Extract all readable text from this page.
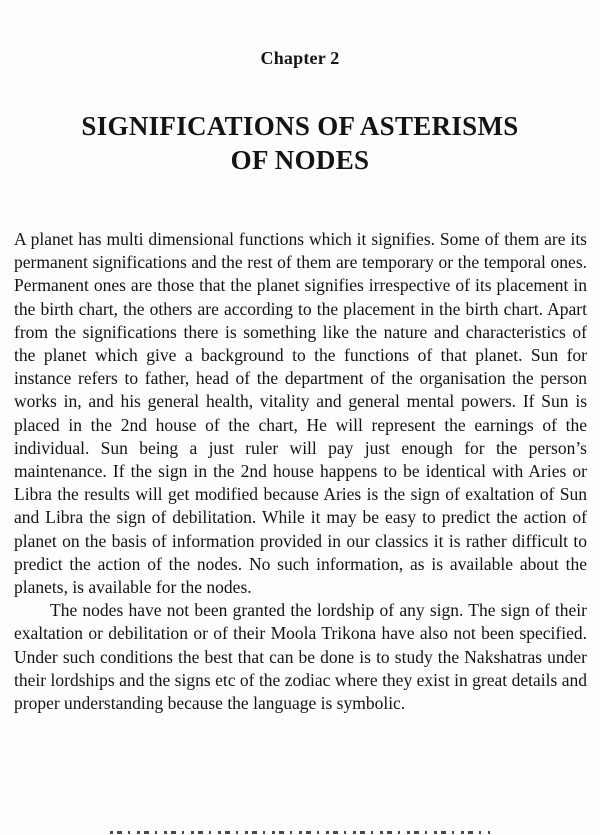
Chapter 2
SIGNIFICATIONS OF ASTERISMS
OF NODES

A planet has multi dimensional functions which it signifies. Some of them are its permanent significations and the rest of them are temporary or the temporal ones. Permanent ones are those that the planet signifies irrespective of its placement in the birth chart, the others are according to the placement in the birth chart. Apart from the significations there is something like the nature and characteristics of the planet which give a background to the functions of that planet. Sun for instance refers to father, head of the department of the organisation the person works in, and his general health, vitality and general mental powers. If Sun is placed in the 2nd house of the chart, He will represent the earnings of the individual. Sun being a just ruler will pay just enough for the person’s maintenance. If the sign in the 2nd house happens to be identical with Aries or Libra the results will get modified because Aries is the sign of exaltation of Sun and Libra the sign of debilitation. While it may be easy to predict the action of planet on the basis of information provided in our classics it is rather difficult to predict the action of the nodes. No such information, as is available about the planets, is available for the nodes.

The nodes have not been granted the lordship of any sign. The sign of their exaltation or debilitation or of their Moola Trikona have also not been specified. Under such conditions the best that can be done is to study the Nakshatras under their lordships and the signs etc of the zodiac where they exist in great details and proper understanding because the language is symbolic.
